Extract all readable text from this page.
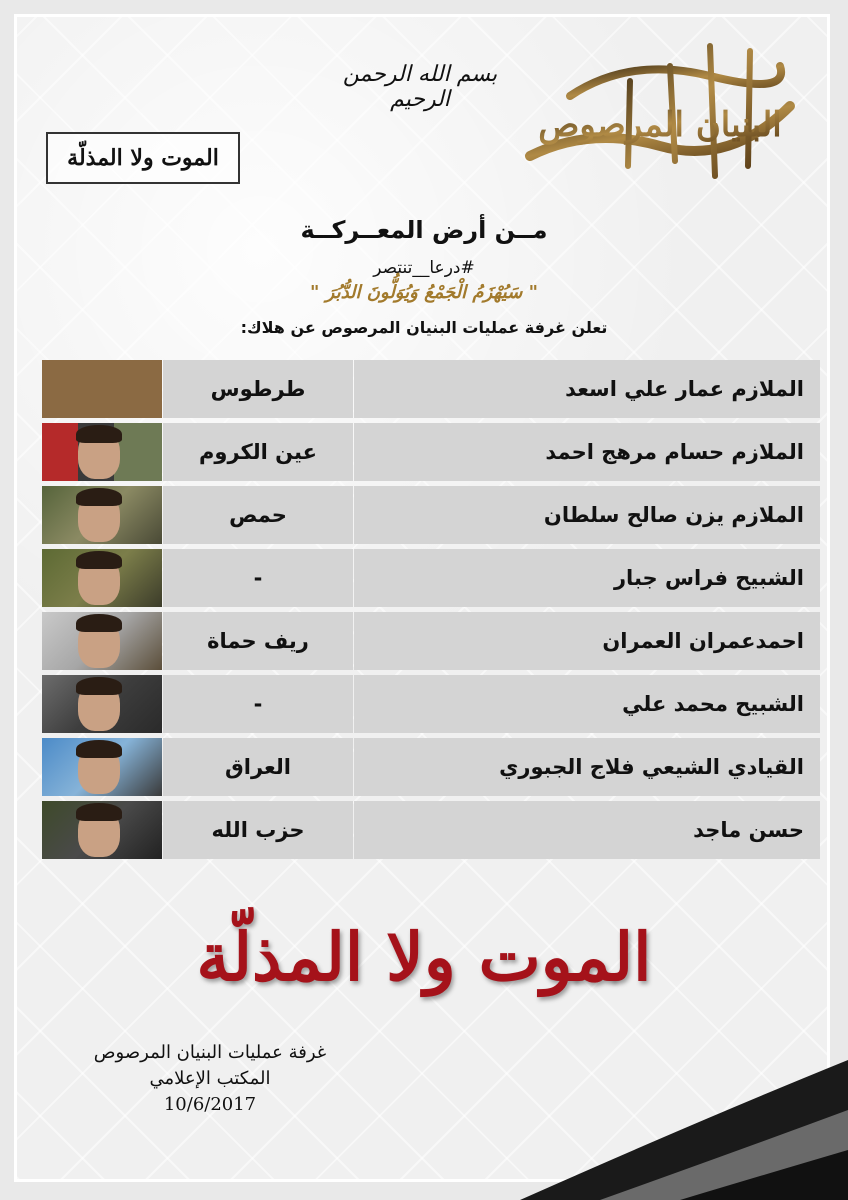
البنيان المرصوص
بسم الله الرحمن الرحيم
الموت ولا المذلّة
مــن أرض المعــركــة
#درعا__تنتصر
" سَيُهْزَمُ الْجَمْعُ وَيُوَلُّونَ الدُّبُرَ "
تعلن غرفة عمليات البنيان المرصوص عن هلاك:
الملازم عمار علي اسعد
طرطوس
الملازم حسام مرهج احمد
عين الكروم
الملازم يزن صالح سلطان
حمص
الشبيح فراس جبار
-
احمدعمران العمران
ريف حماة
الشبيح محمد علي
-
القيادي الشيعي فلاج الجبوري
العراق
حسن ماجد
حزب الله
الموت ولا المذلّة
غرفة عمليات البنيان المرصوص
المكتب الإعلامي
10/6/2017
